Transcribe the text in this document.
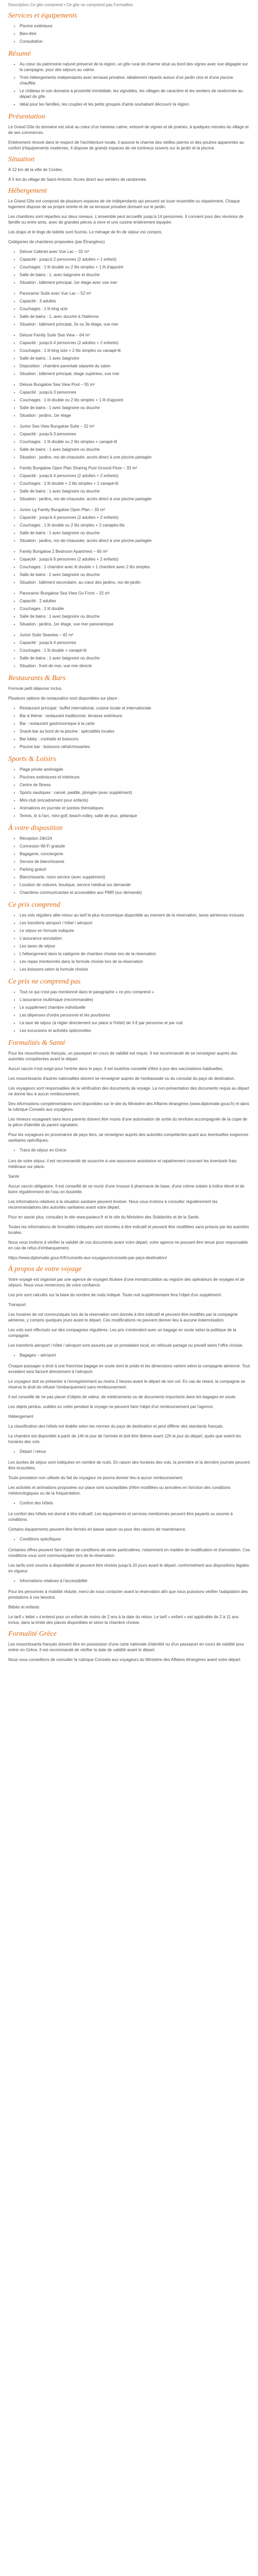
Description Ce gite comprend • Ce gite ne comprend pas Formalités
Services et équipements
• Piscine extérieure
• Bien-être
• Consultation
Résumé
• Au cœur du patrimoine naturel préservé de la région, un gîte rural de charme situé au bord des vignes avec vue dégagée sur la campagne, pour des séjours au calme.
• Trois hébergements indépendants avec terrasse privative, idéalement répartis autour d'un jardin clos et d'une piscine chauffée.
• Le château et son domaine à proximité immédiate, les vignobles, les villages de caractère et les sentiers de randonnée au départ du gîte.
• Idéal pour les familles, les couples et les petits groupes d'amis souhaitant découvrir la région.
Présentation

Le Grand Gîte du domaine est situé au cœur d'un hameau calme, entouré de vignes et de prairies, à quelques minutes du village et de ses commerces.

Entièrement rénové dans le respect de l'architecture locale, il associe le charme des vieilles pierres et des poutres apparentes au confort d'équipements modernes. Il dispose de grands espaces de vie lumineux ouverts sur le jardin et la piscine.

Situation

À 12 km de la ville de Cordes.

À 5 km du village de Saint-Antonin. Accès direct aux sentiers de randonnée.

Hébergement

Le Grand Gîte est composé de plusieurs espaces de vie indépendants qui peuvent se louer ensemble ou séparément. Chaque logement dispose de sa propre entrée et de sa terrasse privative donnant sur le jardin.

Les chambres sont réparties sur deux niveaux. L'ensemble peut accueillir jusqu'à 14 personnes. Il convient pour des réunions de famille ou entre amis, avec de grandes pièces à vivre et une cuisine entièrement équipée.

Les draps et le linge de toilette sont fournis. Le ménage de fin de séjour est compris.

Catégories de chambres proposées (par Étrangères)

• Deluxe Cabinet avec Vue Lac – 32 m²
• Capacité : jusqu'à 2 personnes (2 adultes + 1 enfant)
• Couchages : 1 lit double ou 2 lits simples + 1 lit d'appoint
• Salle de bains : 1, avec baignoire et douche
• Situation : bâtiment principal, 1er étage avec vue mer
• Panoramic Suite avec Vue Lac – 52 m²
• Capacité : 3 adultes
• Couchages : 1 lit king size
• Salle de bains : 1, avec douche à l'italienne
• Situation : bâtiment principal, 2e ou 3e étage, vue mer
• Deluxe Family Suite Sea View – 64 m²
• Capacité : jusqu'à 4 personnes (2 adultes + 2 enfants)
• Couchages : 1 lit king size + 2 lits simples ou canapé-lit
• Salle de bains : 1 avec baignoire
• Disposition : chambre parentale séparée du salon
• Situation : bâtiment principal, étage supérieur, vue mer
• Deluxe Bungalow Sea View Pool – 55 m²
• Capacité : jusqu'à 3 personnes
• Couchages : 1 lit double ou 2 lits simples + 1 lit d'appoint
• Salle de bains : 1 avec baignoire ou douche
• Situation : jardins, 1er étage
• Junior Sea View Bungalow Suite – 32 m²
• Capacité : jusqu'à 3 personnes
• Couchages : 1 lit double ou 2 lits simples + canapé-lit
• Salle de bains : 1 avec baignoire ou douche
• Situation : jardins, rez-de-chaussée, accès direct à une piscine partagée
• Family Bungalow Open Plan Sharing Pool Ground Floor – 33 m²
• Capacité : jusqu'à 4 personnes (2 adultes + 2 enfants)
• Couchages : 1 lit double + 2 lits simples + 1 canapé-lit
• Salle de bains : 1 avec baignoire ou douche
• Situation : jardins, rez-de-chaussée, accès direct à une piscine partagée
• Junior Lg Family Bungalow Open Plan – 33 m²
• Capacité : jusqu'à 4 personnes (2 adultes + 2 enfants)
• Couchages : 1 lit double ou 2 lits simples + 2 canapés-lits
• Salle de bains : 1 avec baignoire ou douche
• Situation : jardins, rez-de-chaussée, accès direct à une piscine partagée
• Family Bungalow 2 Bedroom Apartment – 65 m²
• Capacité : jusqu'à 6 personnes (2 adultes + 2 enfants)
• Couchages : 1 chambre avec lit double + 1 chambre avec 2 lits simples
• Salle de bains : 2 avec baignoire ou douche
• Situation : bâtiment secondaire, au cœur des jardins, rez-de-jardin
• Panoramic Bungalow Sea View Go Front – 32 m²
• Capacité : 2 adultes
• Couchages : 1 lit double
• Salle de bains : 1 avec baignoire ou douche
• Situation : jardins, 1er étage, vue mer panoramique
• Junior Suite Seaview – 42 m²
• Capacité : jusqu'à 4 personnes
• Couchages : 1 lit double + canapé-lit
• Salle de bains : 1 avec baignoire ou douche
• Situation : front de mer, vue mer directe
Restaurants & Bars

Formule petit déjeuner inclus.

Plusieurs options de restauration sont disponibles sur place :

• Restaurant principal : buffet international, cuisine locale et internationale
• Bar à thème : restaurant traditionnel, terrasse extérieure
• Bar : restaurant gastronomique à la carte
• Snack-bar au bord de la piscine : spécialités locales
• Bar lobby : cocktails et boissons
• Piscine bar : boissons rafraîchissantes
Sports & Loisirs
• Plage privée aménagée
• Piscines extérieures et intérieure
• Centre de fitness
• Sports nautiques : canoë, paddle, plongée (avec supplément)
• Mini-club (encadrement pour enfants)
• Animations en journée et soirées thématiques
• Tennis, tir à l'arc, mini-golf, beach-volley, salle de jeux, pétanque
À votre disposition
• Réception 24h/24
• Connexion Wi-Fi gratuite
• Bagagerie, conciergerie
• Service de blanchisserie
• Parking gratuit
• Blanchisserie, room service (avec supplément)
• Location de voitures, boutique, service médical sur demande
• Chambres communicantes et accessibles aux PMR (sur demande)
Ce prix comprend
• Les vols réguliers aller-retour au tarif le plus économique disponible au moment de la réservation, taxes aériennes incluses
• Les transferts aéroport / hôtel / aéroport
• Le séjour en formule indiquée
• L'assurance annulation
• Les taxes de séjour
• L'hébergement dans la catégorie de chambre choisie lors de la réservation
• Les repas mentionnés dans la formule choisie lors de la réservation
• Les boissons selon la formule choisie
Ce prix ne comprend pas
• Tout ce qui n'est pas mentionné dans le paragraphe « ce prix comprend »
• L'assurance multirisque (recommandée)
• Le supplément chambre individuelle
• Les dépenses d'ordre personnel et les pourboires
• La taxe de séjour (à régler directement sur place à l'hôtel) de 3 € par personne et par nuit
• Les excursions et activités optionnelles
Formalités & Santé

Pour les ressortissants français, un passeport en cours de validité est requis. Il est recommandé de se renseigner auprès des autorités compétentes avant le départ.

Aucun vaccin n'est exigé pour l'entrée dans le pays. Il est toutefois conseillé d'être à jour des vaccinations habituelles.

Les ressortissants d'autres nationalités doivent se renseigner auprès de l'ambassade ou du consulat du pays de destination.

Les voyageurs sont responsables de la vérification des documents de voyage. La non-présentation des documents requis au départ ne donne lieu à aucun remboursement.

Des informations complémentaires sont disponibles sur le site du Ministère des Affaires étrangères (www.diplomatie.gouv.fr) et dans la rubrique Conseils aux voyageurs.

Les mineurs voyageant sans leurs parents doivent être munis d'une autorisation de sortie du territoire accompagnée de la copie de la pièce d'identité du parent signataire.

Pour les voyageurs en provenance de pays tiers, se renseigner auprès des autorités compétentes quant aux éventuelles exigences sanitaires spécifiques.

• Trace de séjour en Grèce

Lors de votre séjour, il est recommandé de souscrire à une assurance assistance et rapatriement couvrant les éventuels frais médicaux sur place.

Santé

Aucun vaccin obligatoire. Il est conseillé de se munir d'une trousse à pharmacie de base, d'une crème solaire à indice élevé et de boire régulièrement de l'eau en bouteille.

Les informations relatives à la situation sanitaire peuvent évoluer. Nous vous invitons à consulter régulièrement les recommandations des autorités sanitaires avant votre départ.

Pour en savoir plus, consultez le site www.pasteur.fr et le site du Ministère des Solidarités et de la Santé.

Toutes les informations de formalités indiquées sont données à titre indicatif et peuvent être modifiées sans préavis par les autorités locales.

Nous vous invitons à vérifier la validité de vos documents avant votre départ, votre agence ne pouvant être tenue pour responsable en cas de refus d'embarquement.

https://www.diplomatie.gouv.fr/fr/conseils-aux-voyageurs/conseils-par-pays-destination/

À propos de votre voyage

Votre voyage est organisé par une agence de voyages titulaire d'une immatriculation au registre des opérateurs de voyages et de séjours. Nous vous remercions de votre confiance.

Les prix sont calculés sur la base du nombre de nuits indiqué. Toute nuit supplémentaire fera l'objet d'un supplément.

Transport

Les horaires de vol communiqués lors de la réservation sont donnés à titre indicatif et peuvent être modifiés par la compagnie aérienne, y compris quelques jours avant le départ. Ces modifications ne peuvent donner lieu à aucune indemnisation.

Les vols sont effectués sur des compagnies régulières. Les prix s'entendent avec un bagage en soute selon la politique de la compagnie.

Les transferts aéroport / hôtel / aéroport sont assurés par un prestataire local, en véhicule partagé ou privatif selon l'offre choisie.

• Bagages – aéroport

Chaque passager a droit à une franchise bagage en soute dont le poids et les dimensions varient selon la compagnie aérienne. Tout excédent sera facturé directement à l'aéroport.

Le voyageur doit se présenter à l'enregistrement au moins 2 heures avant le départ de son vol. En cas de retard, la compagnie se réserve le droit de refuser l'embarquement sans remboursement.

Il est conseillé de ne pas placer d'objets de valeur, de médicaments ou de documents importants dans les bagages en soute.

Les objets perdus, oubliés ou volés pendant le voyage ne peuvent faire l'objet d'un remboursement par l'agence.

Hébergement

La classification des hôtels est établie selon les normes du pays de destination et peut différer des standards français.

La chambre est disponible à partir de 14h le jour de l'arrivée et doit être libérée avant 12h le jour du départ, quels que soient les horaires des vols.

• Départ / retour

Les durées de séjour sont indiquées en nombre de nuits. En raison des horaires des vols, la première et la dernière journée peuvent être écourtées.

Toute prestation non utilisée du fait du voyageur ne pourra donner lieu à aucun remboursement.

Les activités et animations proposées sur place sont susceptibles d'être modifiées ou annulées en fonction des conditions météorologiques ou de la fréquentation.

• Confort des hôtels

Le confort des hôtels est donné à titre indicatif. Les équipements et services mentionnés peuvent être payants ou soumis à conditions.

Certains équipements peuvent être fermés en basse saison ou pour des raisons de maintenance.

• Conditions spécifiques

Certaines offres peuvent faire l'objet de conditions de vente particulières, notamment en matière de modification et d'annulation. Ces conditions vous sont communiquées lors de la réservation.

Les tarifs sont soumis à disponibilité et peuvent être révisés jusqu'à 20 jours avant le départ, conformément aux dispositions légales en vigueur.

• Informations relatives à l'accessibilité

Pour les personnes à mobilité réduite, merci de nous contacter avant la réservation afin que nous puissions vérifier l'adaptation des prestations à vos besoins.

Bébés et enfants

Le tarif « bébé » s'entend pour un enfant de moins de 2 ans à la date du retour. Le tarif « enfant » est applicable de 2 à 11 ans inclus, dans la limite des places disponibles et selon la chambre choisie.

Formalité Grèce

Les ressortissants français doivent être en possession d'une carte nationale d'identité ou d'un passeport en cours de validité pour entrer en Grèce. Il est recommandé de vérifier la date de validité avant le départ.

Nous vous conseillons de consulter la rubrique Conseils aux voyageurs du Ministère des Affaires étrangères avant votre départ.
